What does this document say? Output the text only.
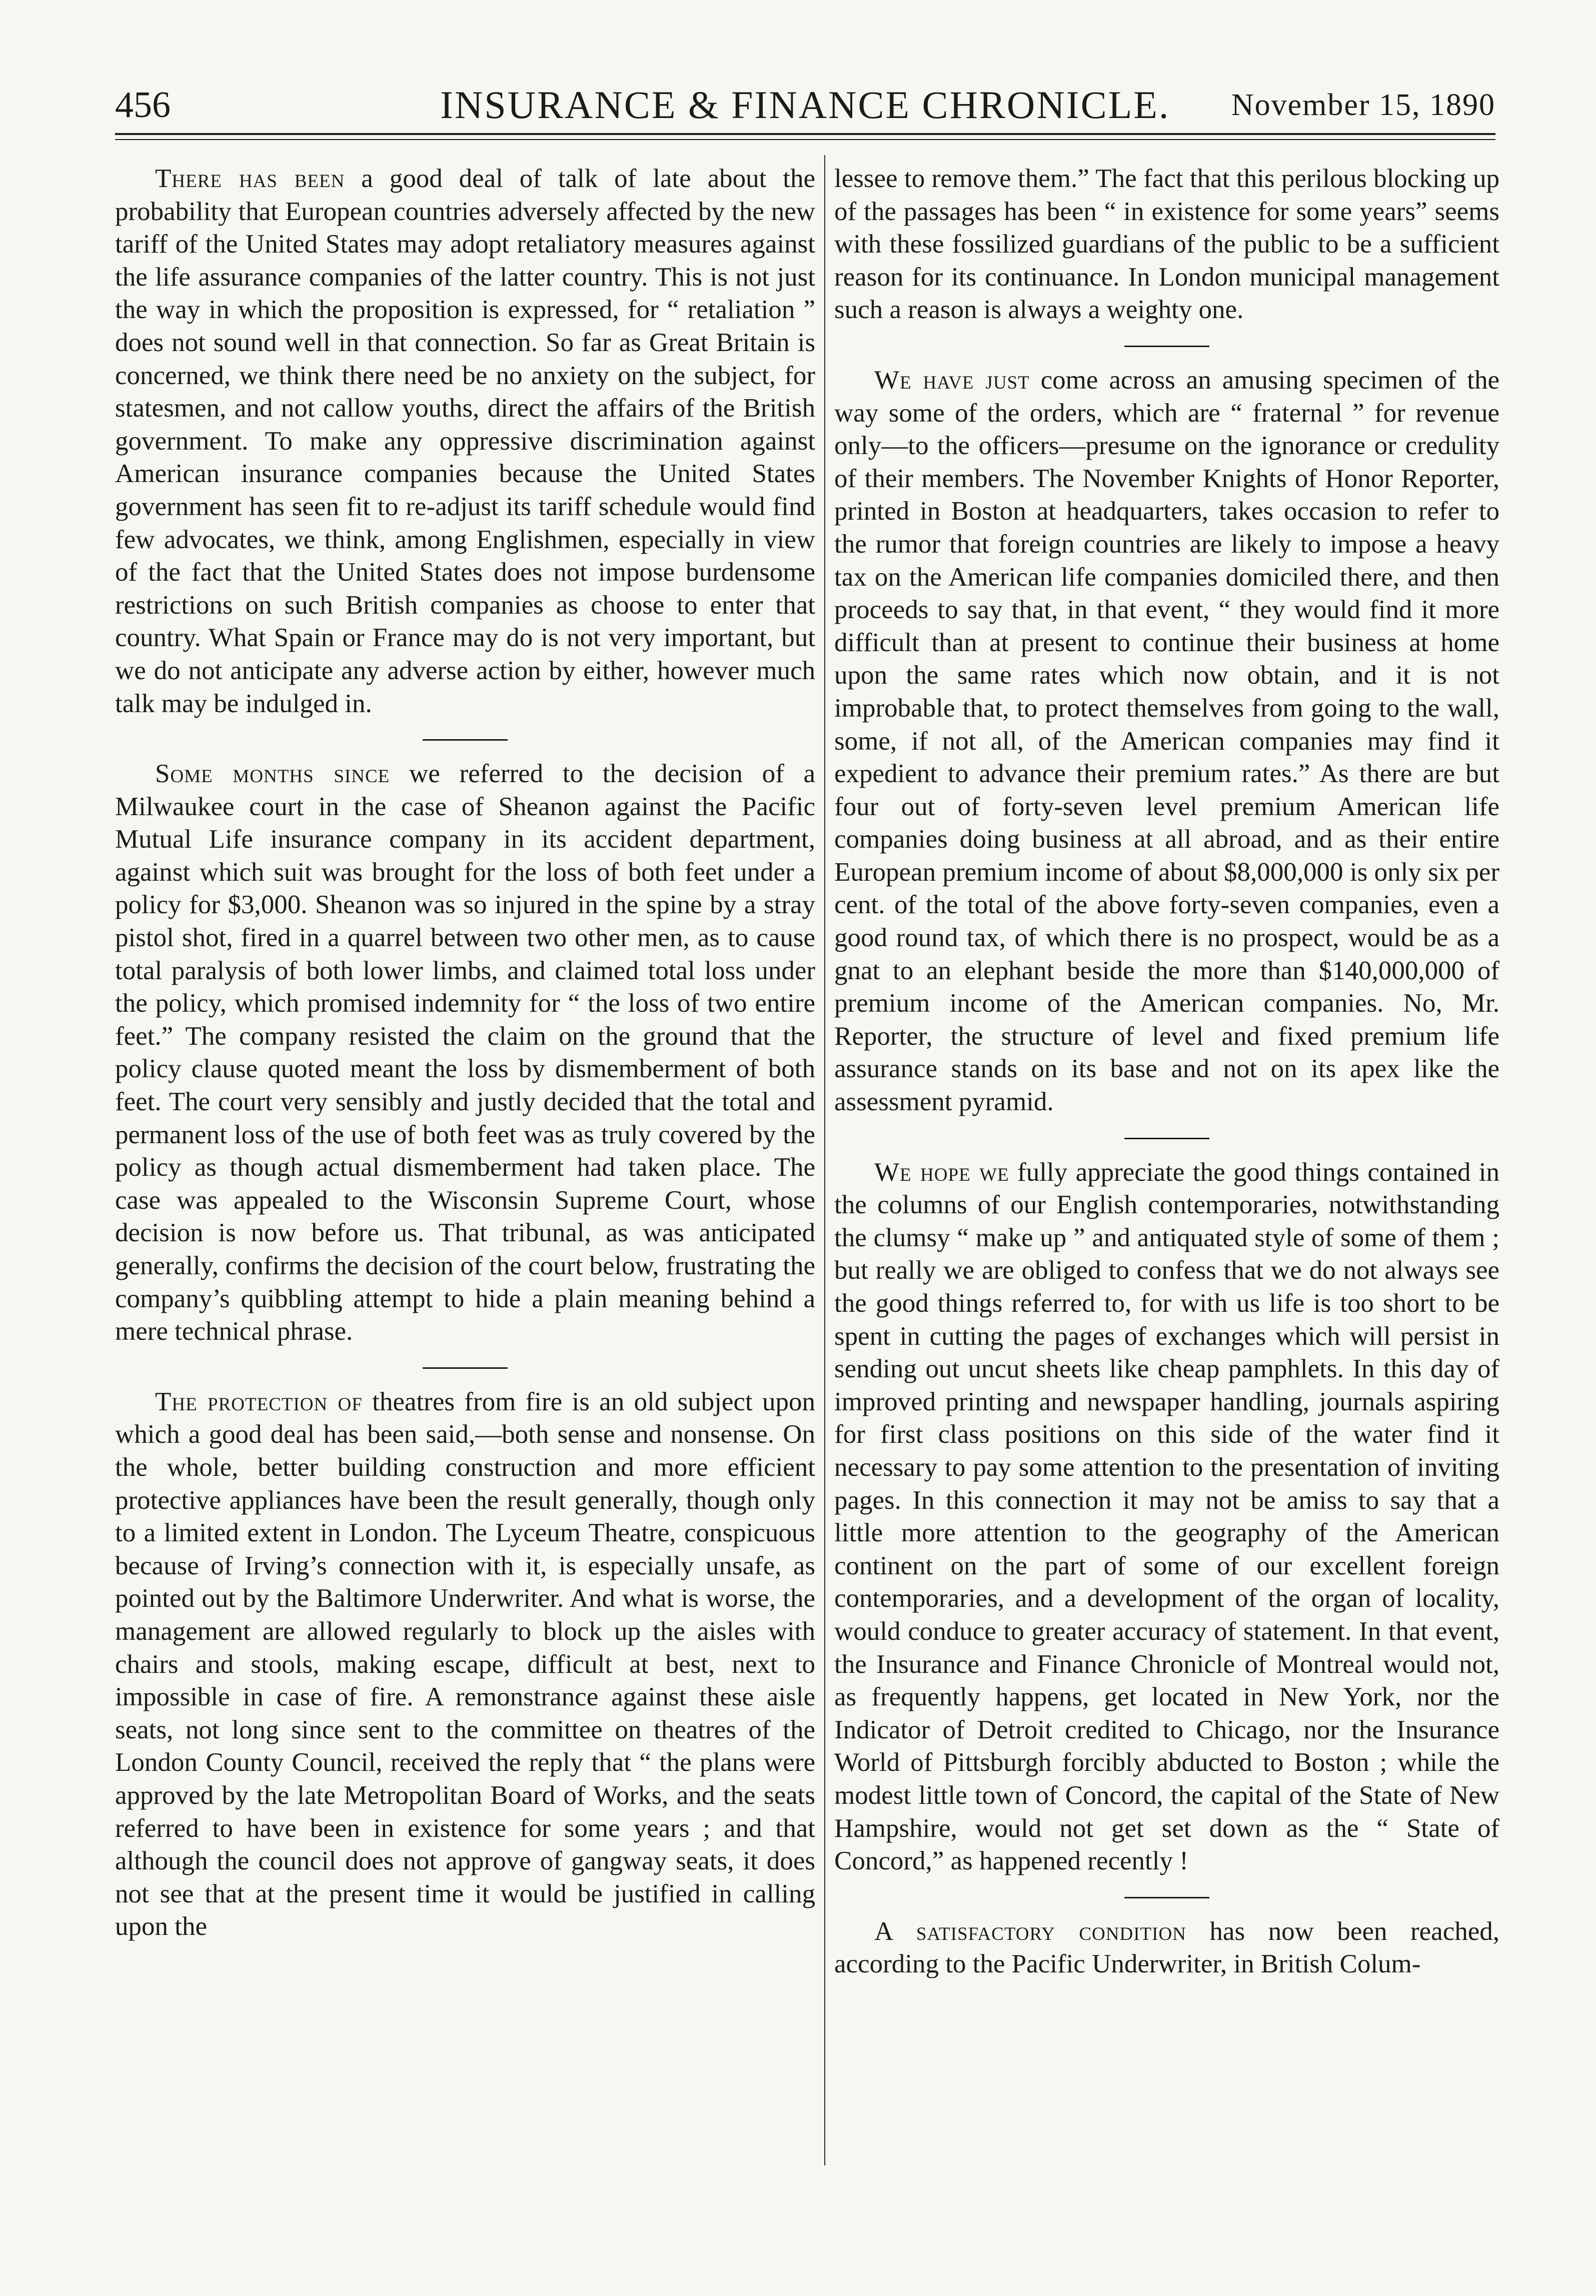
456	INSURANCE & FINANCE CHRONICLE. November 15, 1890

There has been a good deal of talk of late about the probability that European countries adversely affected by the new tariff of the United States may adopt retaliatory measures against the life assurance companies of the latter country. This is not just the way in which the proposition is expressed, for “ retaliation ” does not sound well in that connection. So far as Great Britain is concerned, we think there need be no anxiety on the subject, for statesmen, and not callow youths, direct the affairs of the British government. To make any oppressive discrimination against American insurance companies because the United States government has seen fit to re-adjust its tariff schedule would find few advocates, we think, among Englishmen, especially in view of the fact that the United States does not impose burdensome restrictions on such British companies as choose to enter that country. What Spain or France may do is not very important, but we do not anticipate any adverse action by either, however much talk may be indulged in.

Some months since we referred to the decision of a Milwaukee court in the case of Sheanon against the Pacific Mutual Life insurance company in its accident department, against which suit was brought for the loss of both feet under a policy for $3,000. Sheanon was so injured in the spine by a stray pistol shot, fired in a quarrel between two other men, as to cause total paralysis of both lower limbs, and claimed total loss under the policy, which promised indemnity for “ the loss of two entire feet.” The company resisted the claim on the ground that the policy clause quoted meant the loss by dismemberment of both feet. The court very sensibly and justly decided that the total and permanent loss of the use of both feet was as truly covered by the policy as though actual dismemberment had taken place. The case was appealed to the Wisconsin Supreme Court, whose decision is now before us. That tribunal, as was anticipated generally, confirms the decision of the court below, frustrating the company’s quibbling attempt to hide a plain meaning behind a mere technical phrase.

The protection of theatres from fire is an old subject upon which a good deal has been said,—both sense and nonsense. On the whole, better building construction and more efficient protective appliances have been the result generally, though only to a limited extent in London. The Lyceum Theatre, conspicuous because of Irving’s connection with it, is especially unsafe, as pointed out by the Baltimore Underwriter. And what is worse, the management are allowed regularly to block up the aisles with chairs and stools, making escape, difficult at best, next to impossible in case of fire. A remonstrance against these aisle seats, not long since sent to the committee on theatres of the London County Council, received the reply that “ the plans were approved by the late Metropolitan Board of Works, and the seats referred to have been in existence for some years ; and that although the council does not approve of gangway seats, it does not see that at the present time it would be justified in calling upon the

lessee to remove them.” The fact that this perilous blocking up of the passages has been “ in existence for some years” seems with these fossilized guardians of the public to be a sufficient reason for its continuance. In London municipal management such a reason is always a weighty one.

We have just come across an amusing specimen of the way some of the orders, which are “ fraternal ” for revenue only—to the officers—presume on the ignorance or credulity of their members. The November Knights of Honor Reporter, printed in Boston at headquarters, takes occasion to refer to the rumor that foreign countries are likely to impose a heavy tax on the American life companies domiciled there, and then proceeds to say that, in that event, “ they would find it more difficult than at present to continue their business at home upon the same rates which now obtain, and it is not improbable that, to protect themselves from going to the wall, some, if not all, of the American companies may find it expedient to advance their premium rates.” As there are but four out of forty-seven level premium American life companies doing business at all abroad, and as their entire European premium income of about $8,000,000 is only six per cent. of the total of the above forty-seven companies, even a good round tax, of which there is no prospect, would be as a gnat to an elephant beside the more than $140,000,000 of premium income of the American companies. No, Mr. Reporter, the structure of level and fixed premium life assurance stands on its base and not on its apex like the assessment pyramid.

We hope we fully appreciate the good things contained in the columns of our English contemporaries, notwithstanding the clumsy “ make up ” and antiquated style of some of them ; but really we are obliged to confess that we do not always see the good things referred to, for with us life is too short to be spent in cutting the pages of exchanges which will persist in sending out uncut sheets like cheap pamphlets. In this day of improved printing and newspaper handling, journals aspiring for first class positions on this side of the water find it necessary to pay some attention to the presentation of inviting pages. In this connection it may not be amiss to say that a little more attention to the geography of the American continent on the part of some of our excellent foreign contemporaries, and a development of the organ of locality, would conduce to greater accuracy of statement. In that event, the Insurance and Finance Chronicle of Montreal would not, as frequently happens, get located in New York, nor the Indicator of Detroit credited to Chicago, nor the Insurance World of Pittsburgh forcibly abducted to Boston ; while the modest little town of Concord, the capital of the State of New Hampshire, would not get set down as the “ State of Concord,” as happened recently !

A satisfactory condition has now been reached, according to the Pacific Underwriter, in British Colum-
